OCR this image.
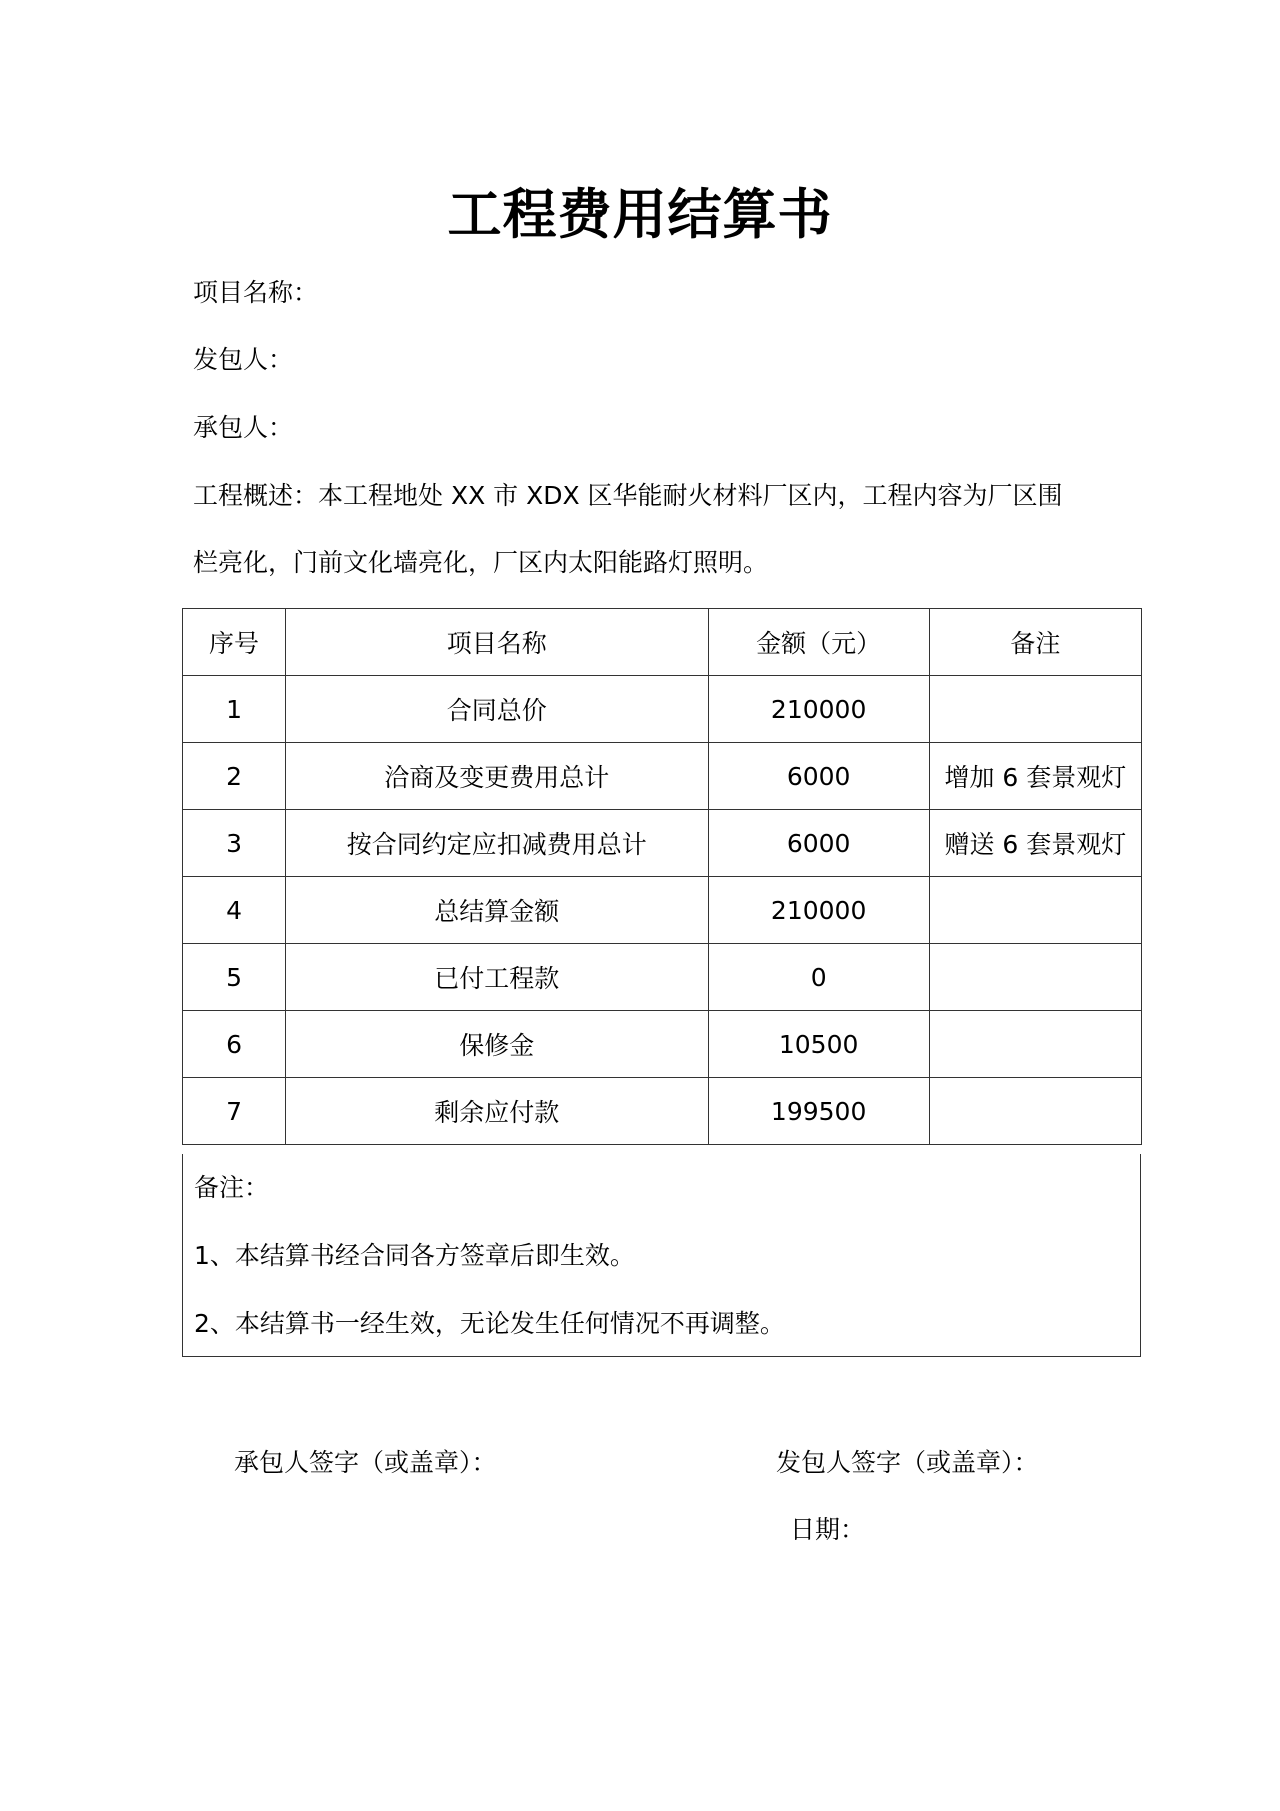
工程费用结算书
项目名称：
发包人：
承包人：
工程概述：本工程地处 XX 市 XDX 区华能耐火材料厂区内，工程内容为厂区围
栏亮化，门前文化墙亮化，厂区内太阳能路灯照明。
序号	项目名称	金额（元）	备注
1	合同总价	210000	
2	洽商及变更费用总计	6000	增加 6 套景观灯
3	按合同约定应扣减费用总计	6000	赠送 6 套景观灯
4	总结算金额	210000	
5	已付工程款	0	
6	保修金	10500	
7	剩余应付款	199500	
备注：
1、本结算书经合同各方签章后即生效。
2、本结算书一经生效，无论发生任何情况不再调整。
承包人签字（或盖章）：	发包人签字（或盖章）：
日期：
